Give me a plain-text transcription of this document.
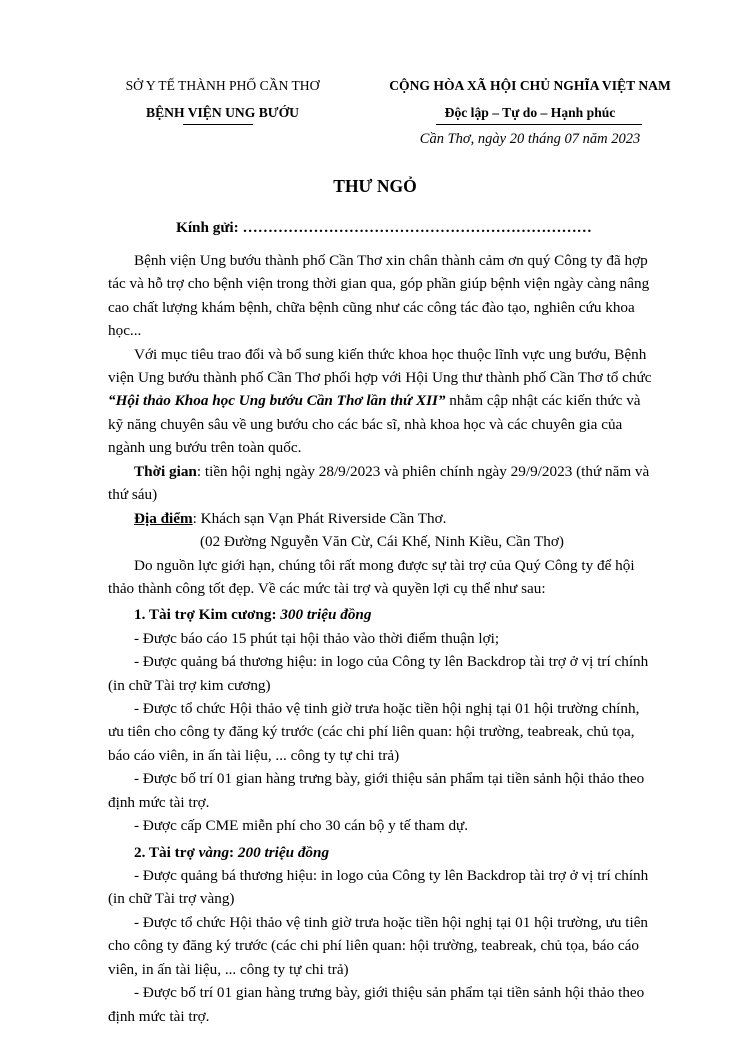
SỞ Y TẾ THÀNH PHỐ CẦN THƠ
BỆNH VIỆN UNG BƯỚU
CỘNG HÒA XÃ HỘI CHỦ NGHĨA VIỆT NAM
Độc lập – Tự do – Hạnh phúc
Cần Thơ, ngày 20 tháng 07 năm 2023
THƯ NGỎ
Kính gửi: ……………………………………………………………
Bệnh viện Ung bướu thành phố Cần Thơ xin chân thành cảm ơn quý Công ty đã hợp
tác và hỗ trợ cho bệnh viện trong thời gian qua, góp phần giúp bệnh viện ngày càng nâng
cao chất lượng khám bệnh, chữa bệnh cũng như các công tác đào tạo, nghiên cứu khoa
học...
Với mục tiêu trao đổi và bổ sung kiến thức khoa học thuộc lĩnh vực ung bướu, Bệnh
viện Ung bướu thành phố Cần Thơ phối hợp với Hội Ung thư thành phố Cần Thơ tổ chức
“Hội thảo Khoa học Ung bướu Cần Thơ lần thứ XII” nhằm cập nhật các kiến thức và
kỹ năng chuyên sâu về ung bướu cho các bác sĩ, nhà khoa học và các chuyên gia của
ngành ung bướu trên toàn quốc.
Thời gian: tiền hội nghị ngày 28/9/2023 và phiên chính ngày 29/9/2023 (thứ năm và
thứ sáu)
Địa điểm: Khách sạn Vạn Phát Riverside Cần Thơ.
(02 Đường Nguyễn Văn Cừ, Cái Khế, Ninh Kiều, Cần Thơ)
Do nguồn lực giới hạn, chúng tôi rất mong được sự tài trợ của Quý Công ty để hội
thảo thành công tốt đẹp. Về các mức tài trợ và quyền lợi cụ thể như sau:
1. Tài trợ Kim cương: 300 triệu đồng
- Được báo cáo 15 phút tại hội thảo vào thời điểm thuận lợi;
- Được quảng bá thương hiệu: in logo của Công ty lên Backdrop tài trợ ở vị trí chính
(in chữ Tài trợ kim cương)
- Được tổ chức Hội thảo vệ tinh giờ trưa hoặc tiền hội nghị tại 01 hội trường chính,
ưu tiên cho công ty đăng ký trước (các chi phí liên quan: hội trường, teabreak, chủ tọa,
báo cáo viên, in ấn tài liệu, ... công ty tự chi trả)
- Được bố trí 01 gian hàng trưng bày, giới thiệu sản phẩm tại tiền sảnh hội thảo theo
định mức tài trợ.
- Được cấp CME miễn phí cho 30 cán bộ y tế tham dự.
2. Tài trợ vàng: 200 triệu đồng
- Được quảng bá thương hiệu: in logo của Công ty lên Backdrop tài trợ ở vị trí chính
(in chữ Tài trợ vàng)
- Được tổ chức Hội thảo vệ tinh giờ trưa hoặc tiền hội nghị tại 01 hội trường, ưu tiên
cho công ty đăng ký trước (các chi phí liên quan: hội trường, teabreak, chủ tọa, báo cáo
viên, in ấn tài liệu, ... công ty tự chi trả)
- Được bố trí 01 gian hàng trưng bày, giới thiệu sản phẩm tại tiền sảnh hội thảo theo
định mức tài trợ.
